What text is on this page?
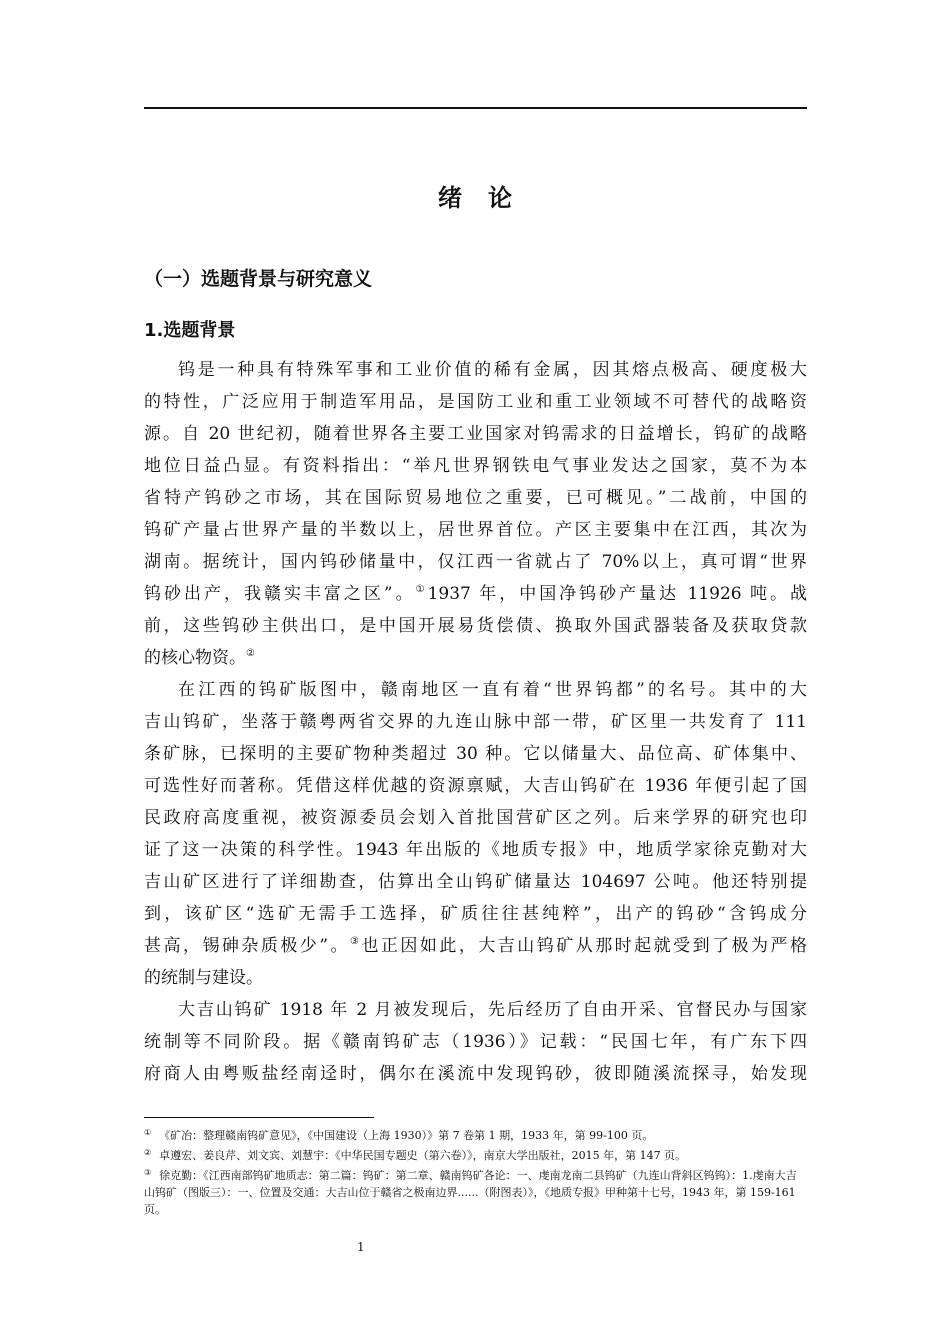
绪 论
（一）选题背景与研究意义
1.选题背景
钨是一种具有特殊军事和工业价值的稀有金属，因其熔点极高、硬度极大
的特性，广泛应用于制造军用品，是国防工业和重工业领域不可替代的战略资
源。自 20 世纪初，随着世界各主要工业国家对钨需求的日益增长，钨矿的战略
地位日益凸显。有资料指出：“举凡世界钢铁电气事业发达之国家，莫不为本
省特产钨砂之市场，其在国际贸易地位之重要，已可概见。”二战前，中国的
钨矿产量占世界产量的半数以上，居世界首位。产区主要集中在江西，其次为
湖南。据统计，国内钨砂储量中，仅江西一省就占了 70%以上，真可谓“世界
钨砂出产，我赣实丰富之区”。①1937 年，中国净钨砂产量达 11926 吨。战
前，这些钨砂主供出口，是中国开展易货偿债、换取外国武器装备及获取贷款
的核心物资。②
在江西的钨矿版图中，赣南地区一直有着“世界钨都”的名号。其中的大
吉山钨矿，坐落于赣粤两省交界的九连山脉中部一带，矿区里一共发育了 111
条矿脉，已探明的主要矿物种类超过 30 种。它以储量大、品位高、矿体集中、
可选性好而著称。凭借这样优越的资源禀赋，大吉山钨矿在 1936 年便引起了国
民政府高度重视，被资源委员会划入首批国营矿区之列。后来学界的研究也印
证了这一决策的科学性。1943 年出版的《地质专报》中，地质学家徐克勤对大
吉山矿区进行了详细勘查，估算出全山钨矿储量达 104697 公吨。他还特别提
到，该矿区“选矿无需手工选择，矿质往往甚纯粹”，出产的钨砂“含钨成分
甚高，锡砷杂质极少”。③也正因如此，大吉山钨矿从那时起就受到了极为严格
的统制与建设。
大吉山钨矿 1918 年 2 月被发现后，先后经历了自由开采、官督民办与国家
统制等不同阶段。据《赣南钨矿志（1936）》记载：“民国七年，有广东下四
府商人由粤贩盐经南迳时，偶尔在溪流中发现钨砂，彼即随溪流探寻，始发现

① 《矿冶：整理赣南钨矿意见》，《中国建设（上海 1930）》第 7 卷第 1 期，1933 年，第 99-100 页。

② 卓遵宏、姜良芹、刘文宾、刘慧宇：《中华民国专题史（第六卷）》，南京大学出版社，2015 年，第 147 页。

③ 徐克勤：《江西南部钨矿地质志：第二篇：钨矿：第二章、赣南钨矿各论：一、虔南龙南二县钨矿（九连山背斜区钨钨）：1.虔南大吉山钨矿（图版三）：一、位置及交通：大吉山位于赣省之极南边界......（附图表）》，《地质专报》甲种第十七号，1943 年，第 159-161 页。

1
